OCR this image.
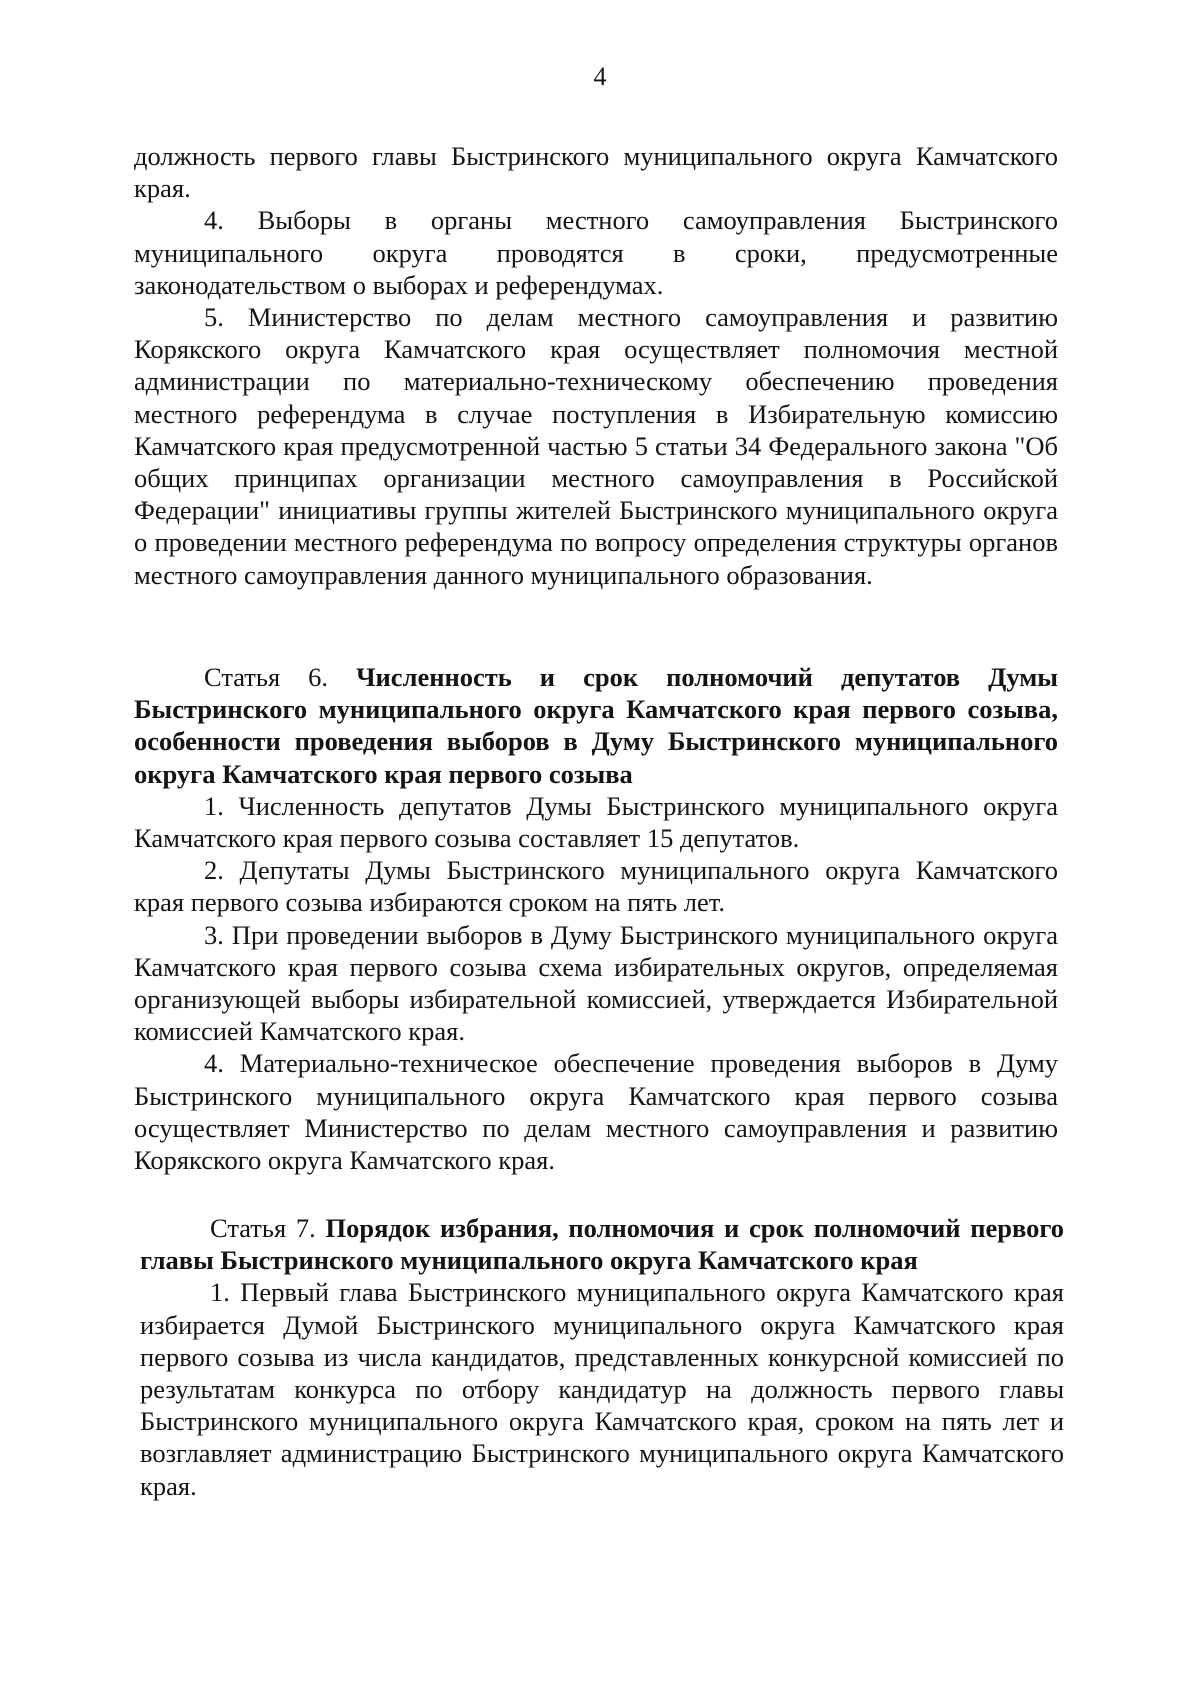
4

должность первого главы Быстринского муниципального округа Камчатского края.

4. Выборы в органы местного самоуправления Быстринского муниципального округа проводятся в сроки, предусмотренные законодательством о выборах и референдумах.

5. Министерство по делам местного самоуправления и развитию Корякского округа Камчатского края осуществляет полномочия местной администрации по материально-техническому обеспечению проведения местного референдума в случае поступления в Избирательную комиссию Камчатского края предусмотренной частью 5 статьи 34 Федерального закона "Об общих принципах организации местного самоуправления в Российской Федерации" инициативы группы жителей Быстринского муниципального округа о проведении местного референдума по вопросу определения структуры органов местного самоуправления данного муниципального образования.

Статья 6. Численность и срок полномочий депутатов Думы Быстринского муниципального округа Камчатского края первого созыва, особенности проведения выборов в Думу Быстринского муниципального округа Камчатского края первого созыва

1. Численность депутатов Думы Быстринского муниципального округа Камчатского края первого созыва составляет 15 депутатов.

2. Депутаты Думы Быстринского муниципального округа Камчатского края первого созыва избираются сроком на пять лет.

3. При проведении выборов в Думу Быстринского муниципального округа Камчатского края первого созыва схема избирательных округов, определяемая организующей выборы избирательной комиссией, утверждается Избирательной комиссией Камчатского края.

4. Материально-техническое обеспечение проведения выборов в Думу Быстринского муниципального округа Камчатского края первого созыва осуществляет Министерство по делам местного самоуправления и развитию Корякского округа Камчатского края.

Статья 7. Порядок избрания, полномочия и срок полномочий первого главы Быстринского муниципального округа Камчатского края

1. Первый глава Быстринского муниципального округа Камчатского края избирается Думой Быстринского муниципального округа Камчатского края первого созыва из числа кандидатов, представленных конкурсной комиссией по результатам конкурса по отбору кандидатур на должность первого главы Быстринского муниципального округа Камчатского края, сроком на пять лет и возглавляет администрацию Быстринского муниципального округа Камчатского края.
